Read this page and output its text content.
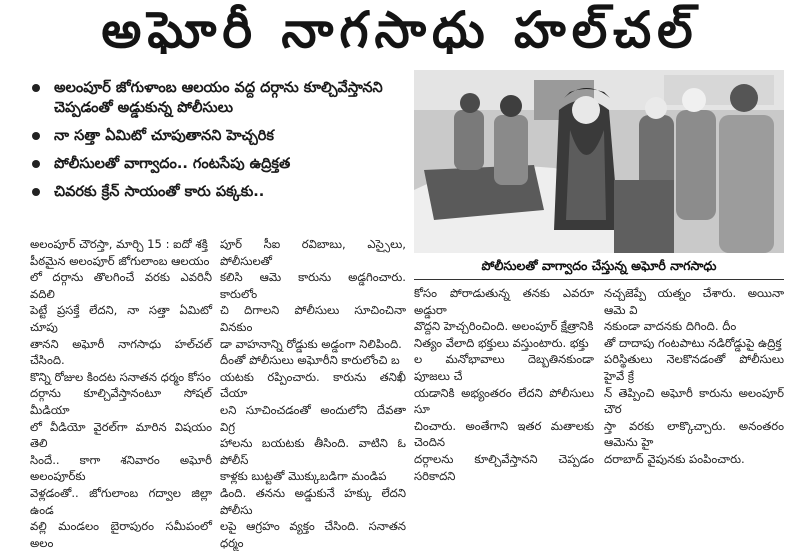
అఘోరీ నాగసాధు హల్‌చల్
అలంపూర్ జోగుళాంబ ఆలయం వద్ద దర్గాను కూల్చివేస్తానని చెప్పడంతో అడ్డుకున్న పోలీసులు
నా సత్తా ఏమిటో చూపుతానని హెచ్చరిక
పోలీసులతో వాగ్వాదం.. గంటసేపు ఉద్రిక్తత
చివరకు క్రేన్ సాయంతో కారు పక్కకు..
పోలీసులతో వాగ్వాదం చేస్తున్న అఘోరీ నాగసాధు
అలంపూర్ చౌరస్తా, మార్చి 15 : ఐదో శక్తి
పీఠమైన అలంపూర్ జోగులాంబ ఆలయం
లో దర్గాను తొలగించే వరకు ఎవరినీ వదిలి
పెట్టే ప్రసక్తే లేదని, నా సత్తా ఏమిటో చూపు
తానని అఘోరీ నాగసాధు హల్‌చల్ చేసింది.
కొన్ని రోజుల కిందట సనాతన ధర్మం కోసం
దర్గాను కూల్చివేస్తానంటూ సోషల్ మీడియా
లో వీడియో వైరల్‌గా మారిన విషయం తెలి
సిందే.. కాగా శనివారం అఘోరీ అలంపూర్‌కు
వెళ్లడంతో.. జోగులాంబ గద్వాల జిల్లా ఉండ
వల్లి మండలం బైరాపురం సమీపంలో అలం
పూర్ సీఐ రవిబాబు, ఎస్సైలు, పోలీసులతో
కలిసి ఆమె కారును అడ్డగించారు. కారులోం
చి దిగాలని పోలీసులు సూచించినా వినకుం
డా వాహనాన్ని రోడ్డుకు అడ్డంగా నిలిపింది.
దీంతో పోలీసులు అఘోరీని కారులోంచి బ
యటకు రప్పించారు. కారును తనిఖీ చేయా
లని సూచించడంతో అందులోని దేవతా విగ్ర
హాలను బయటకు తీసింది. వాటిని ఓ పోలీస్
కాళ్లకు బుట్టతో మొక్కుబడిగా మండిప
డింది. తనను అడ్డుకునే హక్కు లేదని పోలీసు
లపై ఆగ్రహం వ్యక్తం చేసింది. సనాతన ధర్మం
కోసం పోరాడుతున్న తనకు ఎవరూ అడ్డురా
వొద్దని హెచ్చరించింది. అలంపూర్ క్షేత్రానికి
నిత్యం వేలాది భక్తులు వస్తుంటారు. భక్తు
ల మనోభావాలు దెబ్బతినకుండా పూజలు చే
యడానికి అభ్యంతరం లేదని పోలీసులు సూ
చించారు. అంతేగాని ఇతర మతాలకు చెందిన
దర్గాలను కూల్చివేస్తానని చెప్పడం సరికాదని
నచ్చజెప్పే యత్నం చేశారు. అయినా ఆమె వి
నకుండా వాదనకు దిగింది. దీం
తో దాదాపు గంటపాటు నడిరోడ్డుపై ఉద్రిక్త
పరిస్థితులు నెలకొనడంతో పోలీసులు హైవే క్రే
న్ తెప్పించి అఘోరీ కారును అలంపూర్ చౌర
స్తా వరకు లాక్కొచ్చారు. అనంతరం ఆమెను హై
దరాబాద్ వైపునకు పంపించారు.
